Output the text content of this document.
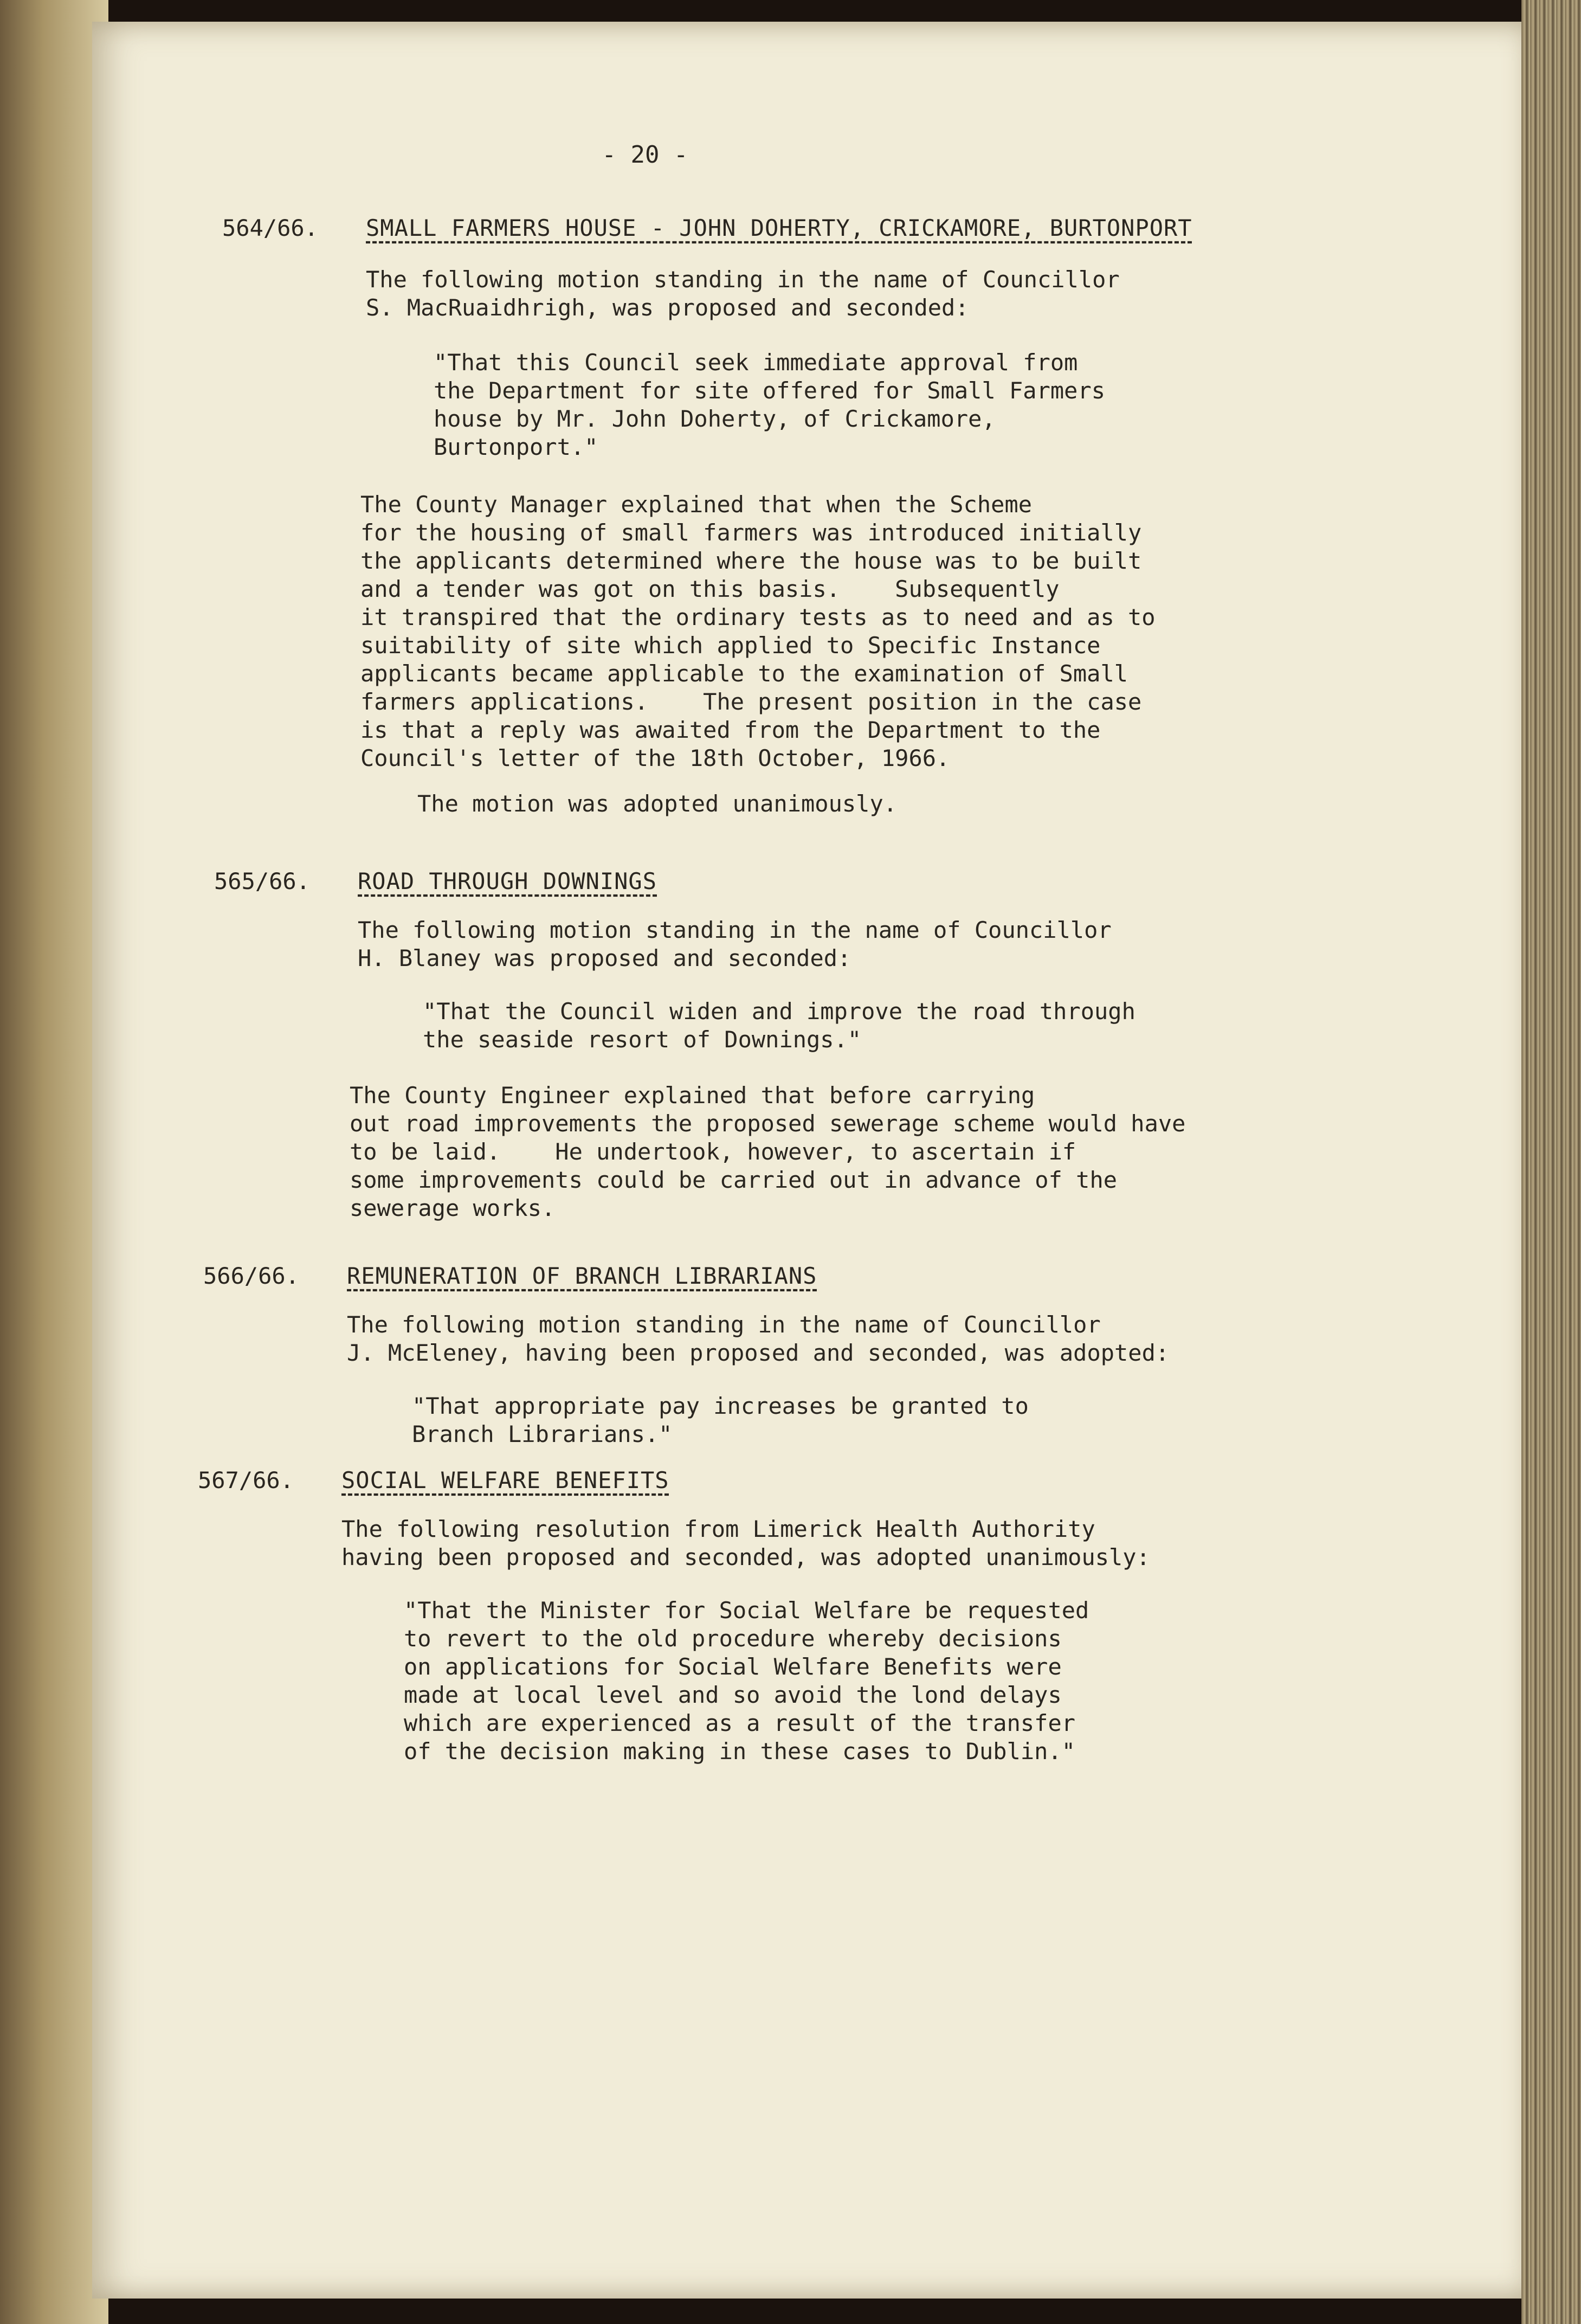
- 20 -
564/66. SMALL FARMERS HOUSE - JOHN DOHERTY, CRICKAMORE, BURTONPORT

The following motion standing in the name of Councillor
S. MacRuaidhrigh, was proposed and seconded:

"That this Council seek immediate approval from
the Department for site offered for Small Farmers
house by Mr. John Doherty, of Crickamore,
Burtonport."

The County Manager explained that when the Scheme
for the housing of small farmers was introduced initially
the applicants determined where the house was to be built
and a tender was got on this basis.    Subsequently
it transpired that the ordinary tests as to need and as to
suitability of site which applied to Specific Instance
applicants became applicable to the examination of Small
farmers applications.    The present position in the case
is that a reply was awaited from the Department to the
Council's letter of the 18th October, 1966.

The motion was adopted unanimously.

565/66. ROAD THROUGH DOWNINGS

The following motion standing in the name of Councillor
H. Blaney was proposed and seconded:

"That the Council widen and improve the road through
the seaside resort of Downings."

The County Engineer explained that before carrying
out road improvements the proposed sewerage scheme would have
to be laid.    He undertook, however, to ascertain if
some improvements could be carried out in advance of the
sewerage works.

566/66. REMUNERATION OF BRANCH LIBRARIANS

The following motion standing in the name of Councillor
J. McEleney, having been proposed and seconded, was adopted:

"That appropriate pay increases be granted to
Branch Librarians."

567/66. SOCIAL WELFARE BENEFITS

The following resolution from Limerick Health Authority
having been proposed and seconded, was adopted unanimously:

"That the Minister for Social Welfare be requested
to revert to the old procedure whereby decisions
on applications for Social Welfare Benefits were
made at local level and so avoid the lond delays
which are experienced as a result of the transfer
of the decision making in these cases to Dublin."
